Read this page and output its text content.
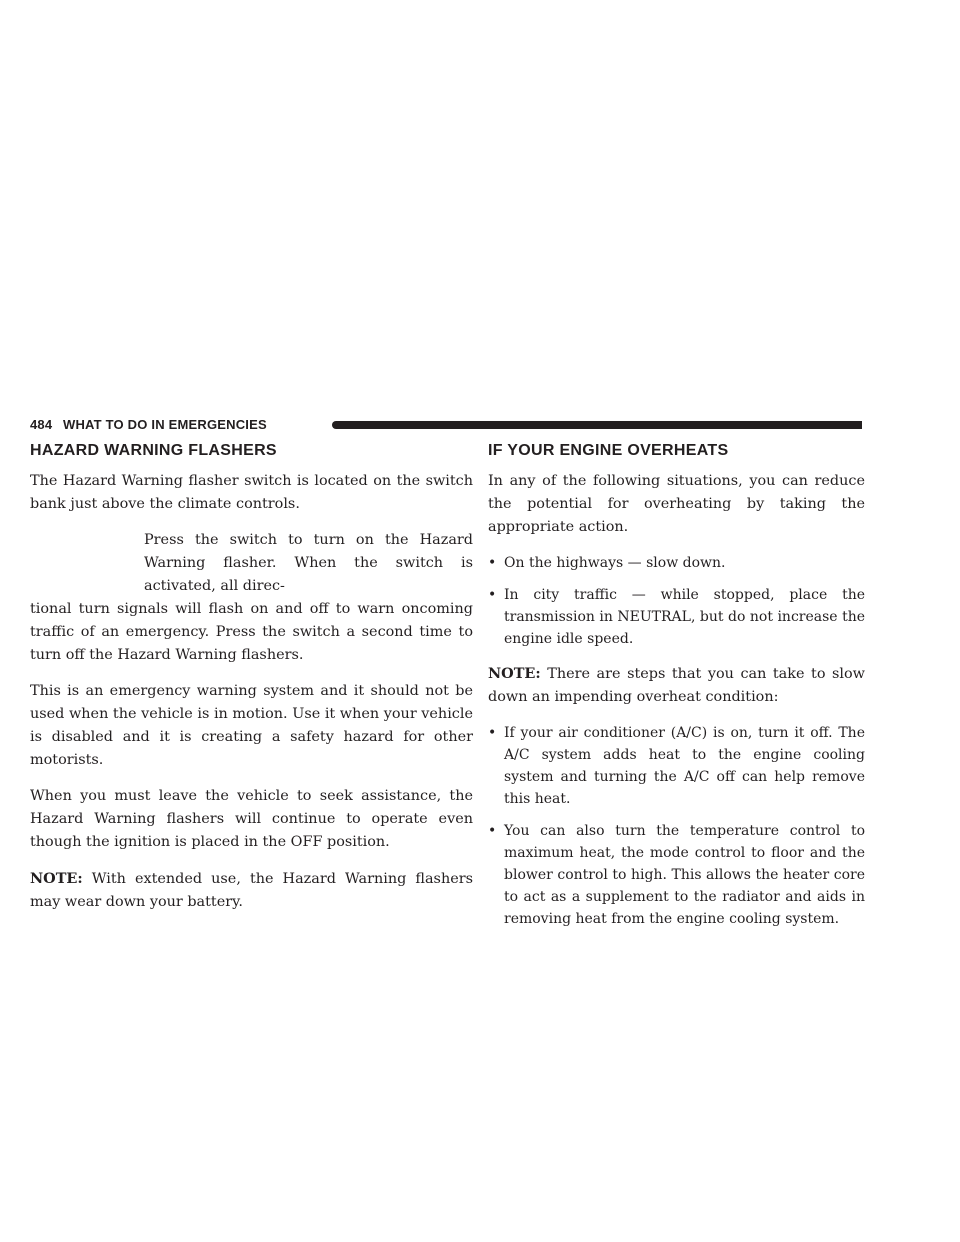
484 WHAT TO DO IN EMERGENCIES
HAZARD WARNING FLASHERS

The Hazard Warning flasher switch is located on the switch bank just above the climate controls.

Press the switch to turn on the Hazard Warning flasher. When the switch is activated, all direc-
tional turn signals will flash on and off to warn oncoming traffic of an emergency. Press the switch a second time to turn off the Hazard Warning flashers.

This is an emergency warning system and it should not be used when the vehicle is in motion. Use it when your vehicle is disabled and it is creating a safety hazard for other motorists.

When you must leave the vehicle to seek assistance, the Hazard Warning flashers will continue to operate even though the ignition is placed in the OFF position.

NOTE: With extended use, the Hazard Warning flashers may wear down your battery.

IF YOUR ENGINE OVERHEATS

In any of the following situations, you can reduce the potential for overheating by taking the appropriate action.

• On the highways — slow down.
• In city traffic — while stopped, place the transmission in NEUTRAL, but do not increase the engine idle speed.

NOTE: There are steps that you can take to slow down an impending overheat condition:

• If your air conditioner (A/C) is on, turn it off. The A/C system adds heat to the engine cooling system and turning the A/C off can help remove this heat.
• You can also turn the temperature control to maximum heat, the mode control to floor and the blower control to high. This allows the heater core to act as a supplement to the radiator and aids in removing heat from the engine cooling system.
